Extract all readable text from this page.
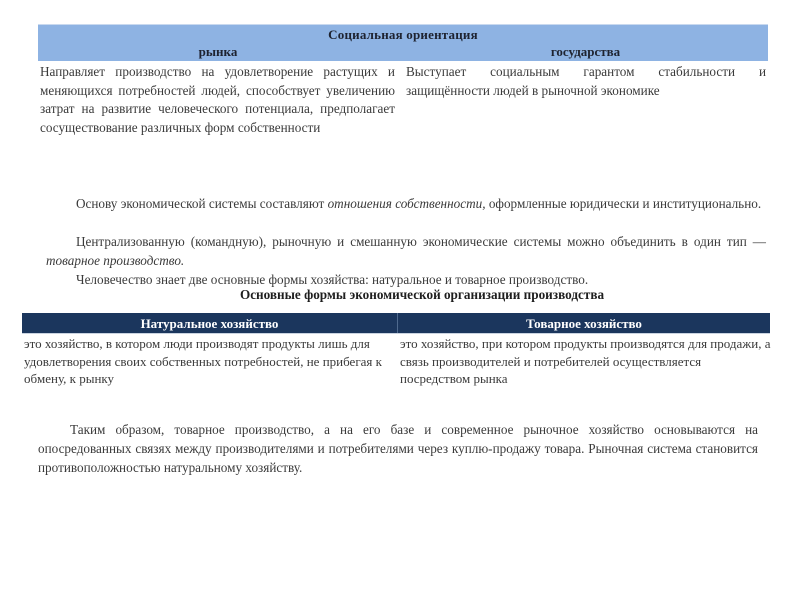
Социальная ориентация
рынка	государства
Направляет производство на удовлетворение растущих и меняющихся потребностей людей, способствует увеличению затрат на развитие человеческого потенциала, предполагает сосуществование различных форм собственности
Выступает социальным гарантом стабильности и защищённости людей в рыночной экономике
Основу экономической системы составляют отношения собственности, оформленные юридически и институционально.
Централизованную (командную), рыночную и смешанную экономические системы можно объединить в один тип — товарное производство.
Человечество знает две основные формы хозяйства: натуральное и товарное производство.
Основные формы экономической организации производства
Натуральное хозяйство	Товарное хозяйство
это хозяйство, в котором люди производят продукты лишь для удовлетворения своих собственных потребностей, не прибегая к обмену, к рынку
это хозяйство, при котором продукты производятся для продажи, а связь производителей и потребителей осуществляется посредством рынка
Таким образом, товарное производство, а на его базе и современное рыночное хозяйство основываются на опосредованных связях между производителями и потребителями через куплю-продажу товара. Рыночная система становится противоположностью натуральному хозяйству.
